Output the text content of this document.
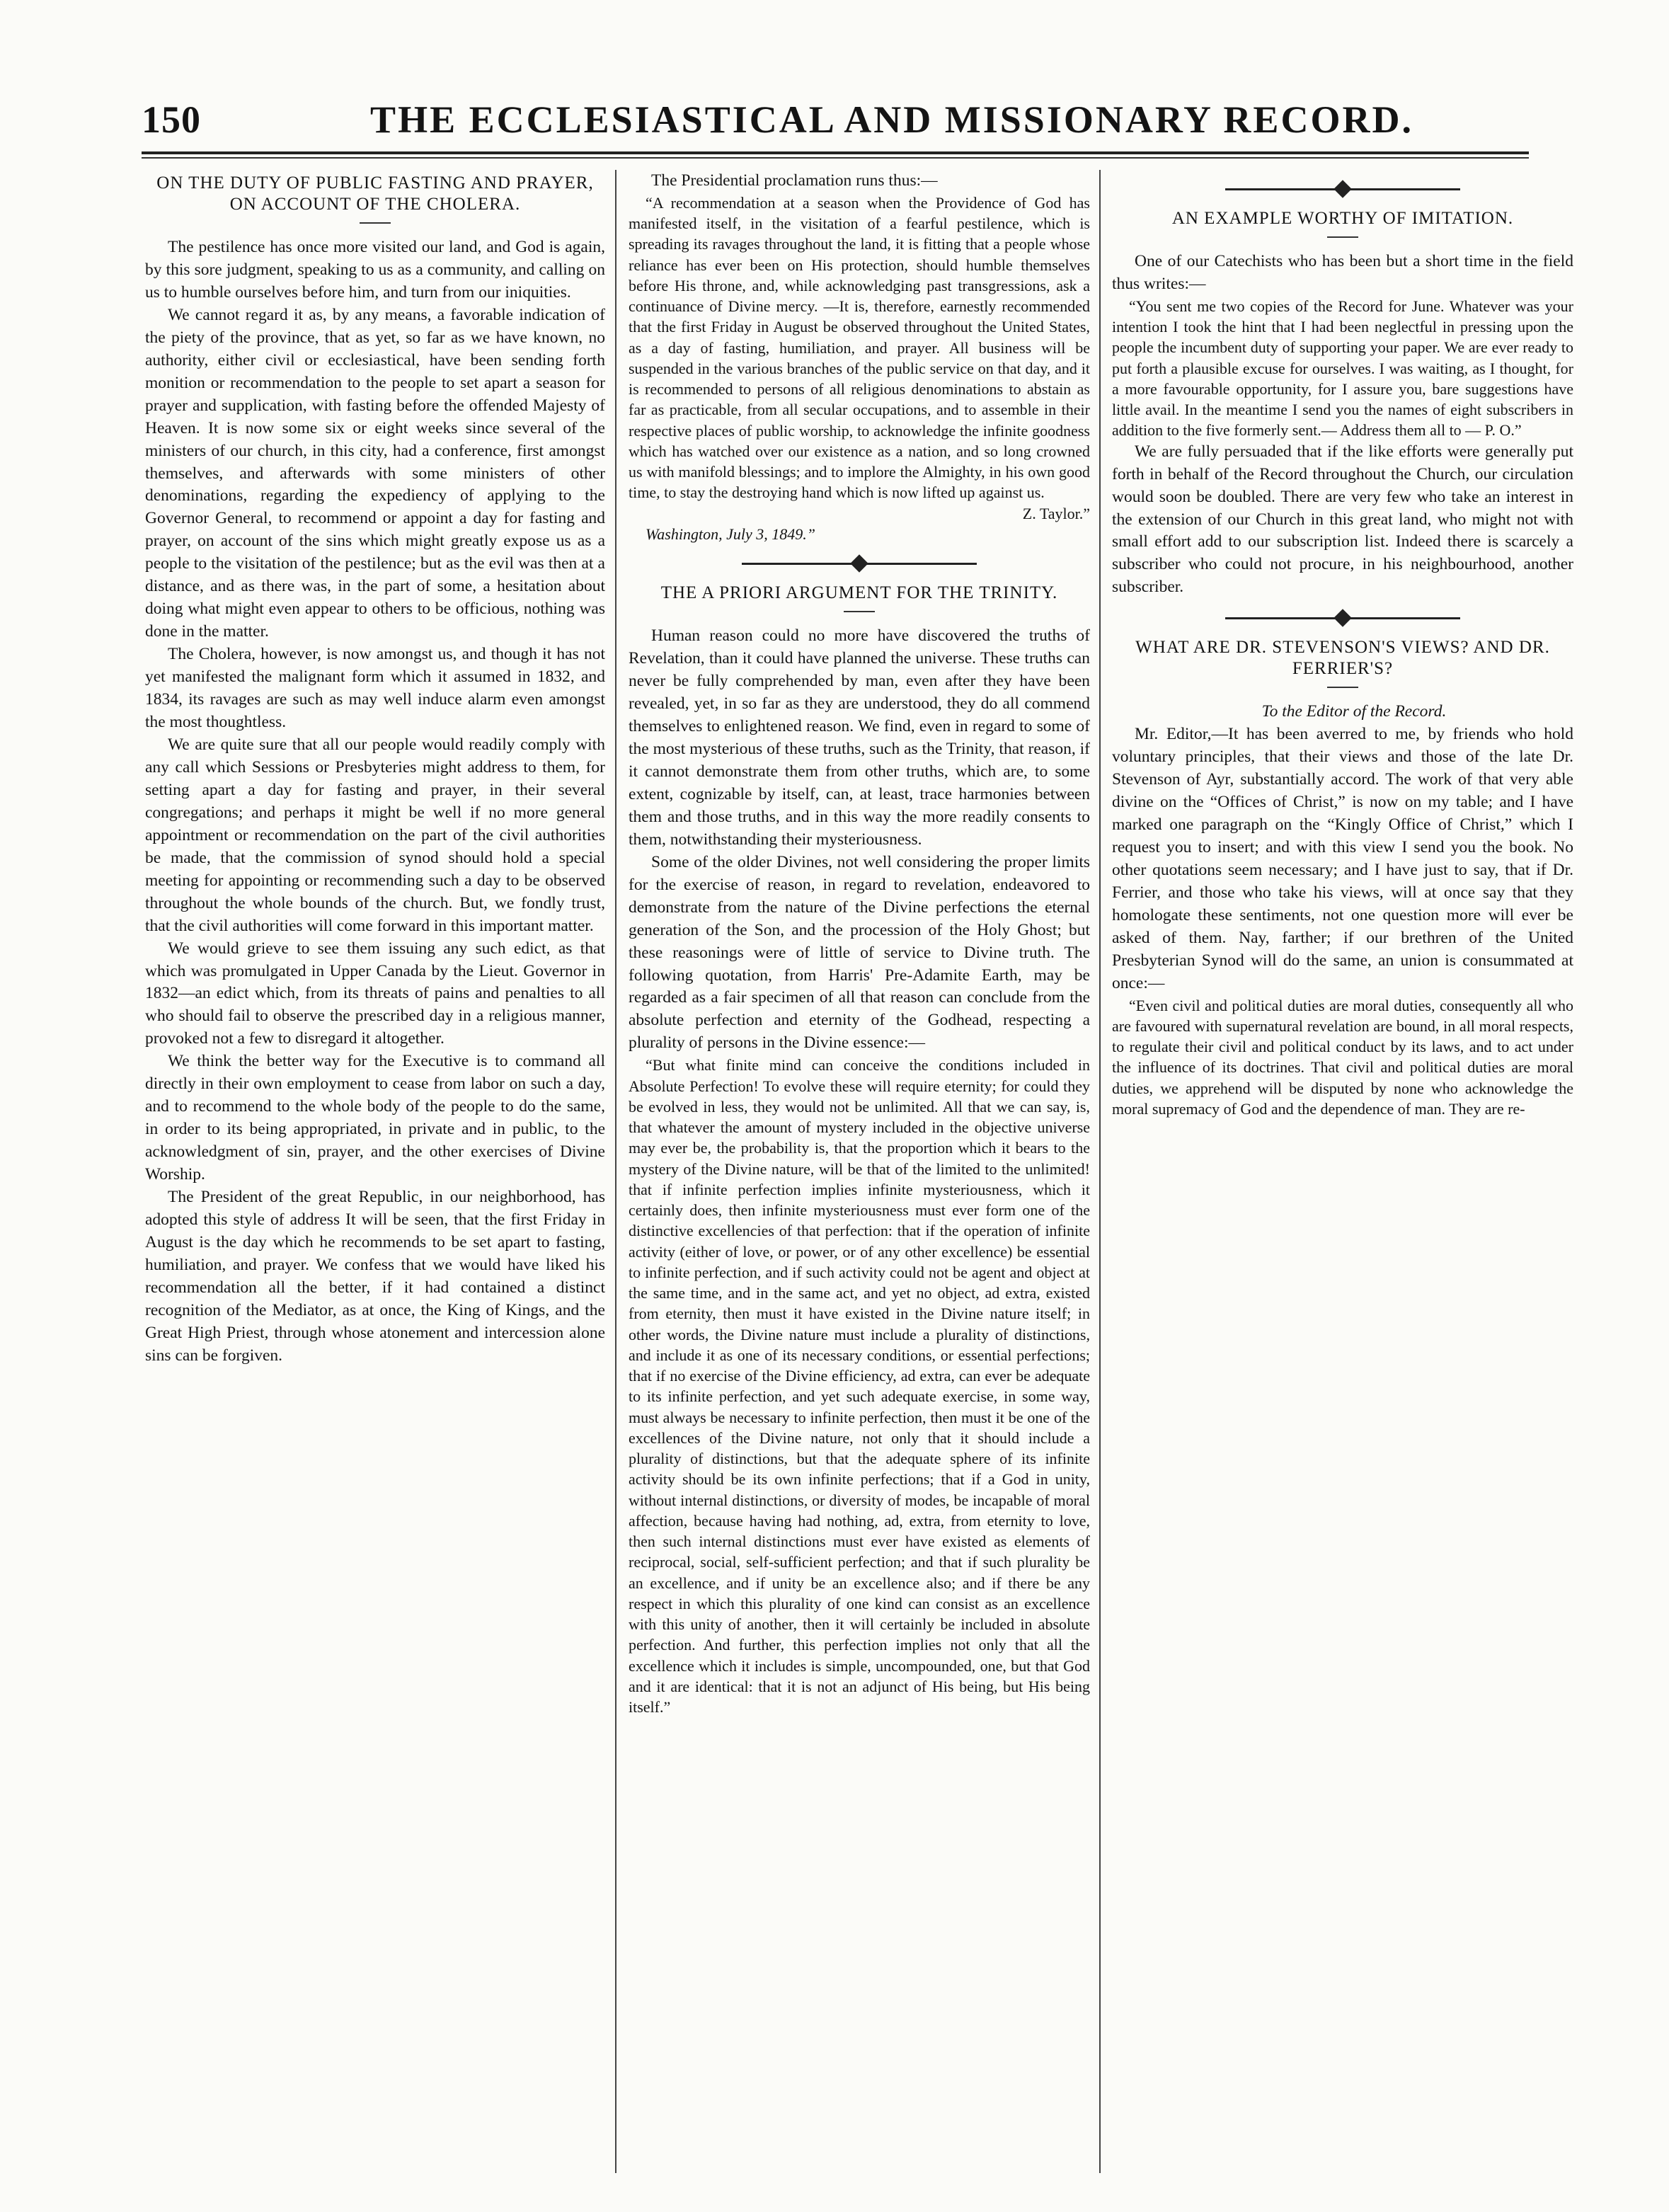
150	THE ECCLESIASTICAL AND MISSIONARY RECORD.
ON THE DUTY OF PUBLIC FASTING AND PRAYER, ON ACCOUNT OF THE CHOLERA.

The pestilence has once more visited our land, and God is again, by this sore judgment, speaking to us as a community, and calling on us to humble ourselves before him, and turn from our iniquities.

We cannot regard it as, by any means, a favorable indication of the piety of the province, that as yet, so far as we have known, no authority, either civil or ecclesiastical, have been sending forth monition or recommendation to the people to set apart a season for prayer and supplication, with fasting before the offended Majesty of Heaven. It is now some six or eight weeks since several of the ministers of our church, in this city, had a conference, first amongst themselves, and afterwards with some ministers of other denominations, regarding the expediency of applying to the Governor General, to recommend or appoint a day for fasting and prayer, on account of the sins which might greatly expose us as a people to the visitation of the pestilence; but as the evil was then at a distance, and as there was, in the part of some, a hesitation about doing what might even appear to others to be officious, nothing was done in the matter.

The Cholera, however, is now amongst us, and though it has not yet manifested the malignant form which it assumed in 1832, and 1834, its ravages are such as may well induce alarm even amongst the most thoughtless.

We are quite sure that all our people would readily comply with any call which Sessions or Presbyteries might address to them, for setting apart a day for fasting and prayer, in their several congregations; and perhaps it might be well if no more general appointment or recommendation on the part of the civil authorities be made, that the commission of synod should hold a special meeting for appointing or recommending such a day to be observed throughout the whole bounds of the church. But, we fondly trust, that the civil authorities will come forward in this important matter.

We would grieve to see them issuing any such edict, as that which was promulgated in Upper Canada by the Lieut. Governor in 1832—an edict which, from its threats of pains and penalties to all who should fail to observe the prescribed day in a religious manner, provoked not a few to disregard it altogether.

We think the better way for the Executive is to command all directly in their own employment to cease from labor on such a day, and to recommend to the whole body of the people to do the same, in order to its being appropriated, in private and in public, to the acknowledgment of sin, prayer, and the other exercises of Divine Worship.

The President of the great Republic, in our neighborhood, has adopted this style of address It will be seen, that the first Friday in August is the day which he recommends to be set apart to fasting, humiliation, and prayer. We confess that we would have liked his recommendation all the better, if it had contained a distinct recognition of the Mediator, as at once, the King of Kings, and the Great High Priest, through whose atonement and intercession alone sins can be forgiven.

The Presidential proclamation runs thus:—

“A recommendation at a season when the Providence of God has manifested itself, in the visitation of a fearful pestilence, which is spreading its ravages throughout the land, it is fitting that a people whose reliance has ever been on His protection, should humble themselves before His throne, and, while acknowledging past transgressions, ask a continuance of Divine mercy. —It is, therefore, earnestly recommended that the first Friday in August be observed throughout the United States, as a day of fasting, humiliation, and prayer. All business will be suspended in the various branches of the public service on that day, and it is recommended to persons of all religious denominations to abstain as far as practicable, from all secular occupations, and to assemble in their respective places of public worship, to acknowledge the infinite goodness which has watched over our existence as a nation, and so long crowned us with manifold blessings; and to implore the Almighty, in his own good time, to stay the destroying hand which is now lifted up against us.

Z. Taylor.”

Washington, July 3, 1849.”

THE A PRIORI ARGUMENT FOR THE TRINITY.

Human reason could no more have discovered the truths of Revelation, than it could have planned the universe. These truths can never be fully comprehended by man, even after they have been revealed, yet, in so far as they are understood, they do all commend themselves to enlightened reason. We find, even in regard to some of the most mysterious of these truths, such as the Trinity, that reason, if it cannot demonstrate them from other truths, which are, to some extent, cognizable by itself, can, at least, trace harmonies between them and those truths, and in this way the more readily consents to them, notwithstanding their mysteriousness.

Some of the older Divines, not well considering the proper limits for the exercise of reason, in regard to revelation, endeavored to demonstrate from the nature of the Divine perfections the eternal generation of the Son, and the procession of the Holy Ghost; but these reasonings were of little of service to Divine truth. The following quotation, from Harris' Pre-Adamite Earth, may be regarded as a fair specimen of all that reason can conclude from the absolute perfection and eternity of the Godhead, respecting a plurality of persons in the Divine essence:—

“But what finite mind can conceive the conditions included in Absolute Perfection! To evolve these will require eternity; for could they be evolved in less, they would not be unlimited. All that we can say, is, that whatever the amount of mystery included in the objective universe may ever be, the probability is, that the proportion which it bears to the mystery of the Divine nature, will be that of the limited to the unlimited! that if infinite perfection implies infinite mysteriousness, which it certainly does, then infinite mysteriousness must ever form one of the distinctive excellencies of that perfection: that if the operation of infinite activity (either of love, or power, or of any other excellence) be essential to infinite perfection, and if such activity could not be agent and object at the same time, and in the same act, and yet no object, ad extra, existed from eternity, then must it have existed in the Divine nature itself; in other words, the Divine nature must include a plurality of distinctions, and include it as one of its necessary conditions, or essential perfections; that if no exercise of the Divine efficiency, ad extra, can ever be adequate to its infinite perfection, and yet such adequate exercise, in some way, must always be necessary to infinite perfection, then must it be one of the excellences of the Divine nature, not only that it should include a plurality of distinctions, but that the adequate sphere of its infinite activity should be its own infinite perfections; that if a God in unity, without internal distinctions, or diversity of modes, be incapable of moral affection, because having had nothing, ad, extra, from eternity to love, then such internal distinctions must ever have existed as elements of reciprocal, social, self-sufficient perfection; and that if such plurality be an excellence, and if unity be an excellence also; and if there be any respect in which this plurality of one kind can consist as an excellence with this unity of another, then it will certainly be included in absolute perfection. And further, this perfection implies not only that all the excellence which it includes is simple, uncompounded, one, but that God and it are identical: that it is not an adjunct of His being, but His being itself.”

AN EXAMPLE WORTHY OF IMITATION.

One of our Catechists who has been but a short time in the field thus writes:—

“You sent me two copies of the Record for June. Whatever was your intention I took the hint that I had been neglectful in pressing upon the people the incumbent duty of supporting your paper. We are ever ready to put forth a plausible excuse for ourselves. I was waiting, as I thought, for a more favourable opportunity, for I assure you, bare suggestions have little avail. In the meantime I send you the names of eight subscribers in addition to the five formerly sent.— Address them all to — P. O.”

We are fully persuaded that if the like efforts were generally put forth in behalf of the Record throughout the Church, our circulation would soon be doubled. There are very few who take an interest in the extension of our Church in this great land, who might not with small effort add to our subscription list. Indeed there is scarcely a subscriber who could not procure, in his neighbourhood, another subscriber.

WHAT ARE DR. STEVENSON'S VIEWS? AND DR. FERRIER'S?

To the Editor of the Record.

Mr. Editor,—It has been averred to me, by friends who hold voluntary principles, that their views and those of the late Dr. Stevenson of Ayr, substantially accord. The work of that very able divine on the “Offices of Christ,” is now on my table; and I have marked one paragraph on the “Kingly Office of Christ,” which I request you to insert; and with this view I send you the book. No other quotations seem necessary; and I have just to say, that if Dr. Ferrier, and those who take his views, will at once say that they homologate these sentiments, not one question more will ever be asked of them. Nay, farther; if our brethren of the United Presbyterian Synod will do the same, an union is consummated at once:—

“Even civil and political duties are moral duties, consequently all who are favoured with supernatural revelation are bound, in all moral respects, to regulate their civil and political conduct by its laws, and to act under the influence of its doctrines. That civil and political duties are moral duties, we apprehend will be disputed by none who acknowledge the moral supremacy of God and the dependence of man. They are re-
